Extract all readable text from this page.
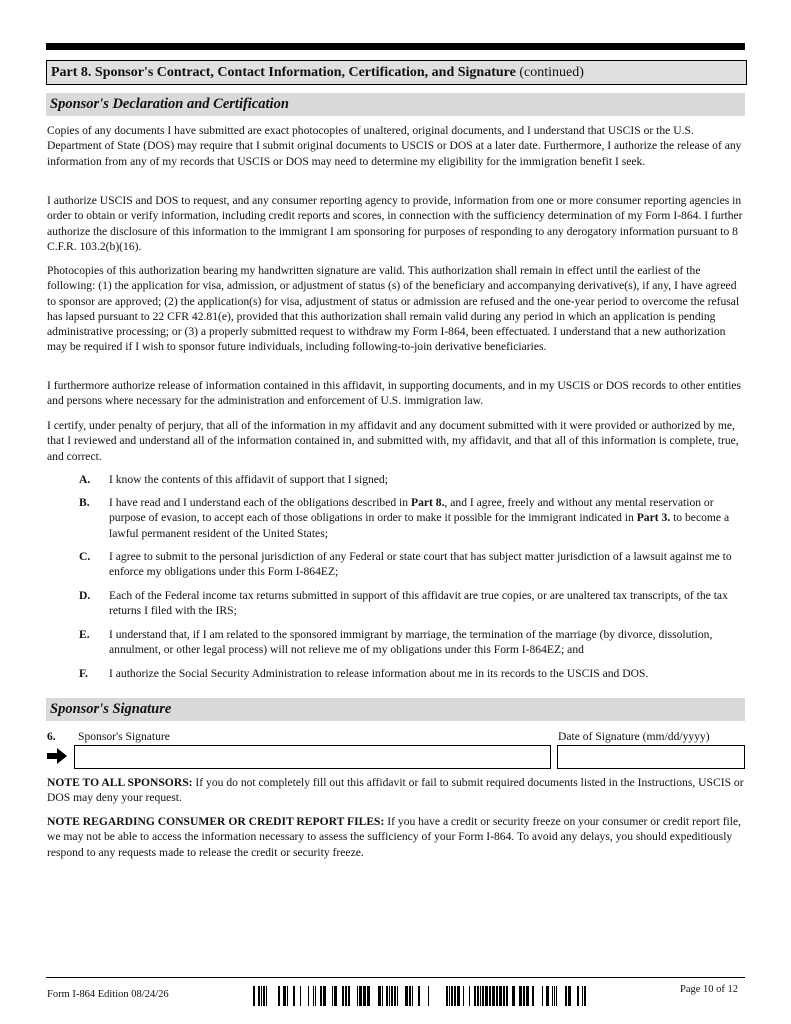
Part 8. Sponsor's Contract, Contact Information, Certification, and Signature (continued)
Sponsor's Declaration and Certification

Copies of any documents I have submitted are exact photocopies of unaltered, original documents, and I understand that USCIS or the U.S. Department of State (DOS) may require that I submit original documents to USCIS or DOS at a later date. Furthermore, I authorize the release of any information from any of my records that USCIS or DOS may need to determine my eligibility for the immigration benefit I seek.

I authorize USCIS and DOS to request, and any consumer reporting agency to provide, information from one or more consumer reporting agencies in order to obtain or verify information, including credit reports and scores, in connection with the sufficiency determination of my Form I-864. I further authorize the disclosure of this information to the immigrant I am sponsoring for purposes of responding to any derogatory information pursuant to 8 C.F.R. 103.2(b)(16).

Photocopies of this authorization bearing my handwritten signature are valid. This authorization shall remain in effect until the earliest of the following: (1) the application for visa, admission, or adjustment of status (s) of the beneficiary and accompanying derivative(s), if any, I have agreed to sponsor are approved; (2) the application(s) for visa, adjustment of status or admission are refused and the one-year period to overcome the refusal has lapsed pursuant to 22 CFR 42.81(e), provided that this authorization shall remain valid during any period in which an application is pending administrative processing; or (3) a properly submitted request to withdraw my Form I-864, been effectuated. I understand that a new authorization may be required if I wish to sponsor future individuals, including following-to-join derivative beneficiaries.

I furthermore authorize release of information contained in this affidavit, in supporting documents, and in my USCIS or DOS records to other entities and persons where necessary for the administration and enforcement of U.S. immigration law.

I certify, under penalty of perjury, that all of the information in my affidavit and any document submitted with it were provided or authorized by me, that I reviewed and understand all of the information contained in, and submitted with, my affidavit, and that all of this information is complete, true, and correct.

A.	I know the contents of this affidavit of support that I signed;
B.	I have read and I understand each of the obligations described in Part 8., and I agree, freely and without any mental reservation or purpose of evasion, to accept each of those obligations in order to make it possible for the immigrant indicated in Part 3. to become a lawful permanent resident of the United States;
C.	I agree to submit to the personal jurisdiction of any Federal or state court that has subject matter jurisdiction of a lawsuit against me to enforce my obligations under this Form I-864EZ;
D.	Each of the Federal income tax returns submitted in support of this affidavit are true copies, or are unaltered tax transcripts, of the tax returns I filed with the IRS;
E.	I understand that, if I am related to the sponsored immigrant by marriage, the termination of the marriage (by divorce, dissolution, annulment, or other legal process) will not relieve me of my obligations under this Form I-864EZ; and
F.	I authorize the Social Security Administration to release information about me in its records to the USCIS and DOS.
Sponsor's Signature
6. Sponsor's Signature	Date of Signature (mm/dd/yyyy)

NOTE TO ALL SPONSORS: If you do not completely fill out this affidavit or fail to submit required documents listed in the Instructions, USCIS or DOS may deny your request.

NOTE REGARDING CONSUMER OR CREDIT REPORT FILES: If you have a credit or security freeze on your consumer or credit report file, we may not be able to access the information necessary to assess the sufficiency of your Form I-864. To avoid any delays, you should expeditiously respond to any requests made to release the credit or security freeze.

Form I-864 Edition 08/24/26	Page 10 of 12
